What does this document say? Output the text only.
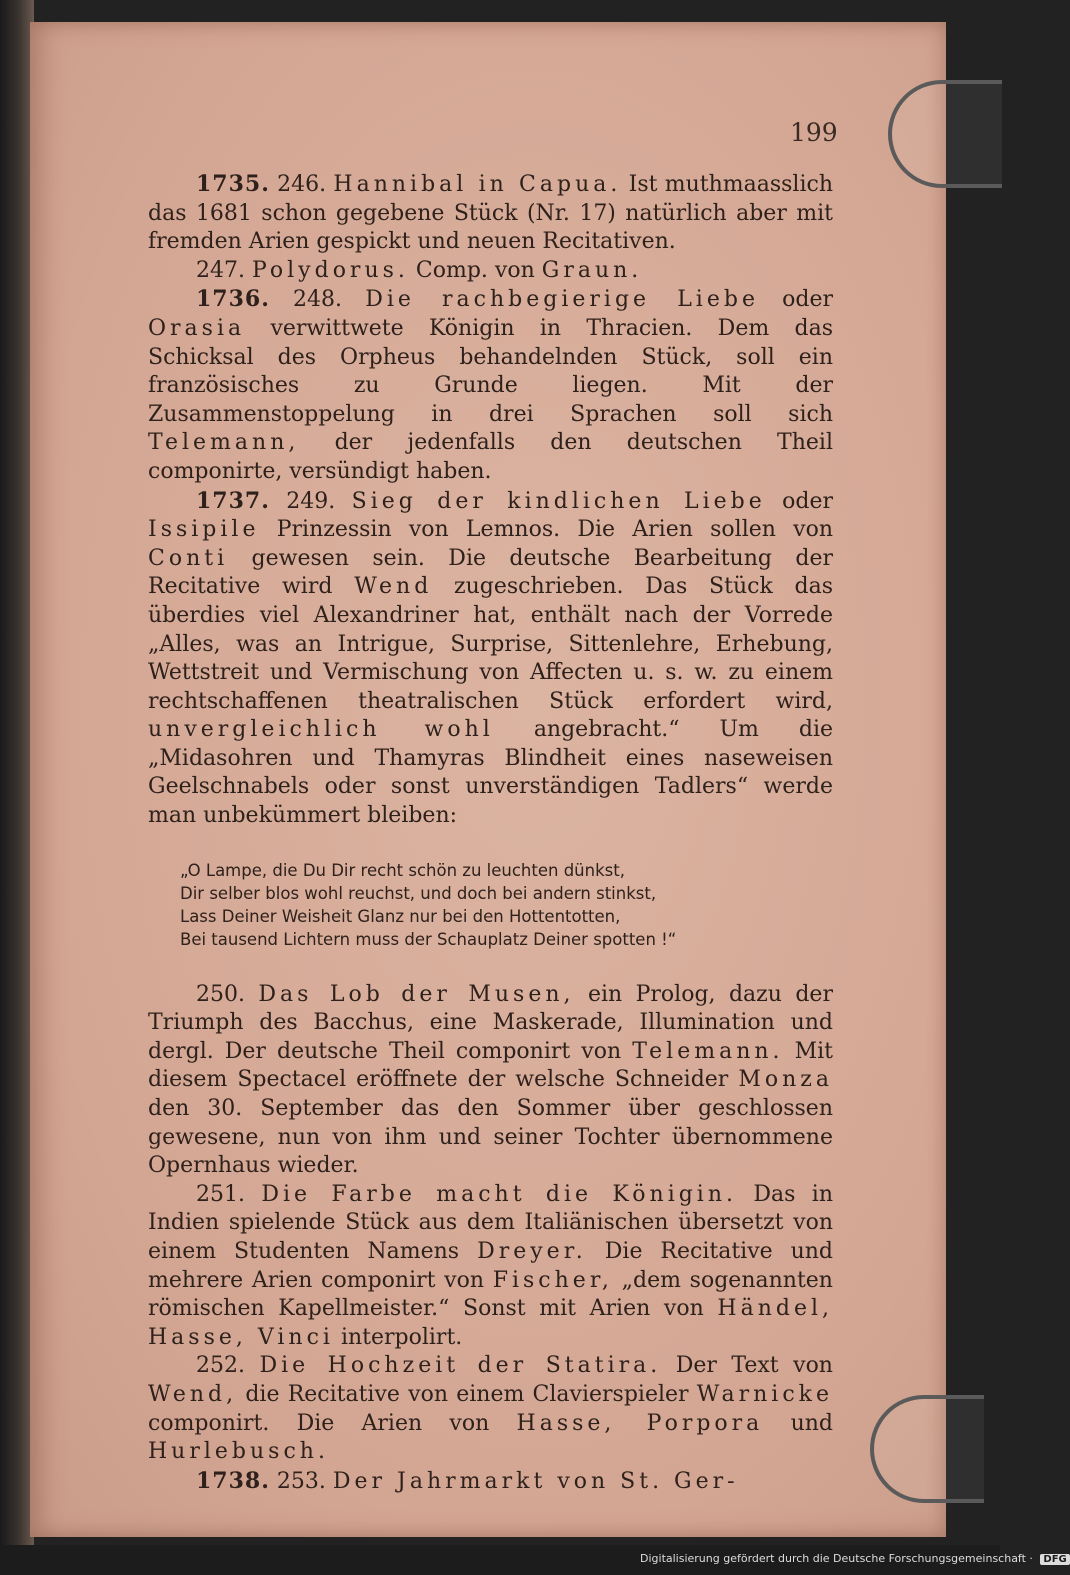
199

1735. 246. Hannibal in Capua. Ist muthmaasslich das 1681 schon gegebene Stück (Nr. 17) natürlich aber mit fremden Arien gespickt und neuen Recitativen.

247. Polydorus. Comp. von Graun.

1736. 248. Die rachbegierige Liebe oder Orasia verwittwete Königin in Thracien. Dem das Schicksal des Orpheus behandelnden Stück, soll ein französisches zu Grunde liegen. Mit der Zusammenstoppelung in drei Sprachen soll sich Telemann, der jedenfalls den deutschen Theil componirte, versündigt haben.

1737. 249. Sieg der kindlichen Liebe oder Issipile Prinzessin von Lemnos. Die Arien sollen von Conti gewesen sein. Die deutsche Bearbeitung der Recitative wird Wend zugeschrieben. Das Stück das überdies viel Alexandriner hat, enthält nach der Vorrede „Alles, was an Intrigue, Surprise, Sittenlehre, Erhebung, Wettstreit und Vermischung von Affecten u. s. w. zu einem rechtschaffenen theatralischen Stück erfordert wird, unvergleichlich wohl angebracht.“ Um die „Midasohren und Thamyras Blindheit eines naseweisen Geelschnabels oder sonst unverständigen Tadlers“ werde man unbekümmert bleiben:

„O Lampe, die Du Dir recht schön zu leuchten dünkst,
Dir selber blos wohl reuchst, und doch bei andern stinkst,
Lass Deiner Weisheit Glanz nur bei den Hottentotten,
Bei tausend Lichtern muss der Schauplatz Deiner spotten !“

250. Das Lob der Musen, ein Prolog, dazu der Triumph des Bacchus, eine Maskerade, Illumination und dergl. Der deutsche Theil componirt von Telemann. Mit diesem Spectacel eröffnete der welsche Schneider Monza den 30. September das den Sommer über geschlossen gewesene, nun von ihm und seiner Tochter übernommene Opernhaus wieder.

251. Die Farbe macht die Königin. Das in Indien spielende Stück aus dem Italiänischen übersetzt von einem Studenten Namens Dreyer. Die Recitative und mehrere Arien componirt von Fischer, „dem sogenannten römischen Kapellmeister.“ Sonst mit Arien von Händel, Hasse, Vinci interpolirt.

252. Die Hochzeit der Statira. Der Text von Wend, die Recitative von einem Clavierspieler Warnicke componirt. Die Arien von Hasse, Porpora und Hurlebusch.

1738. 253. Der Jahrmarkt von St. Ger-

Digitalisierung gefördert durch die Deutsche Forschungsgemeinschaft · DFG
